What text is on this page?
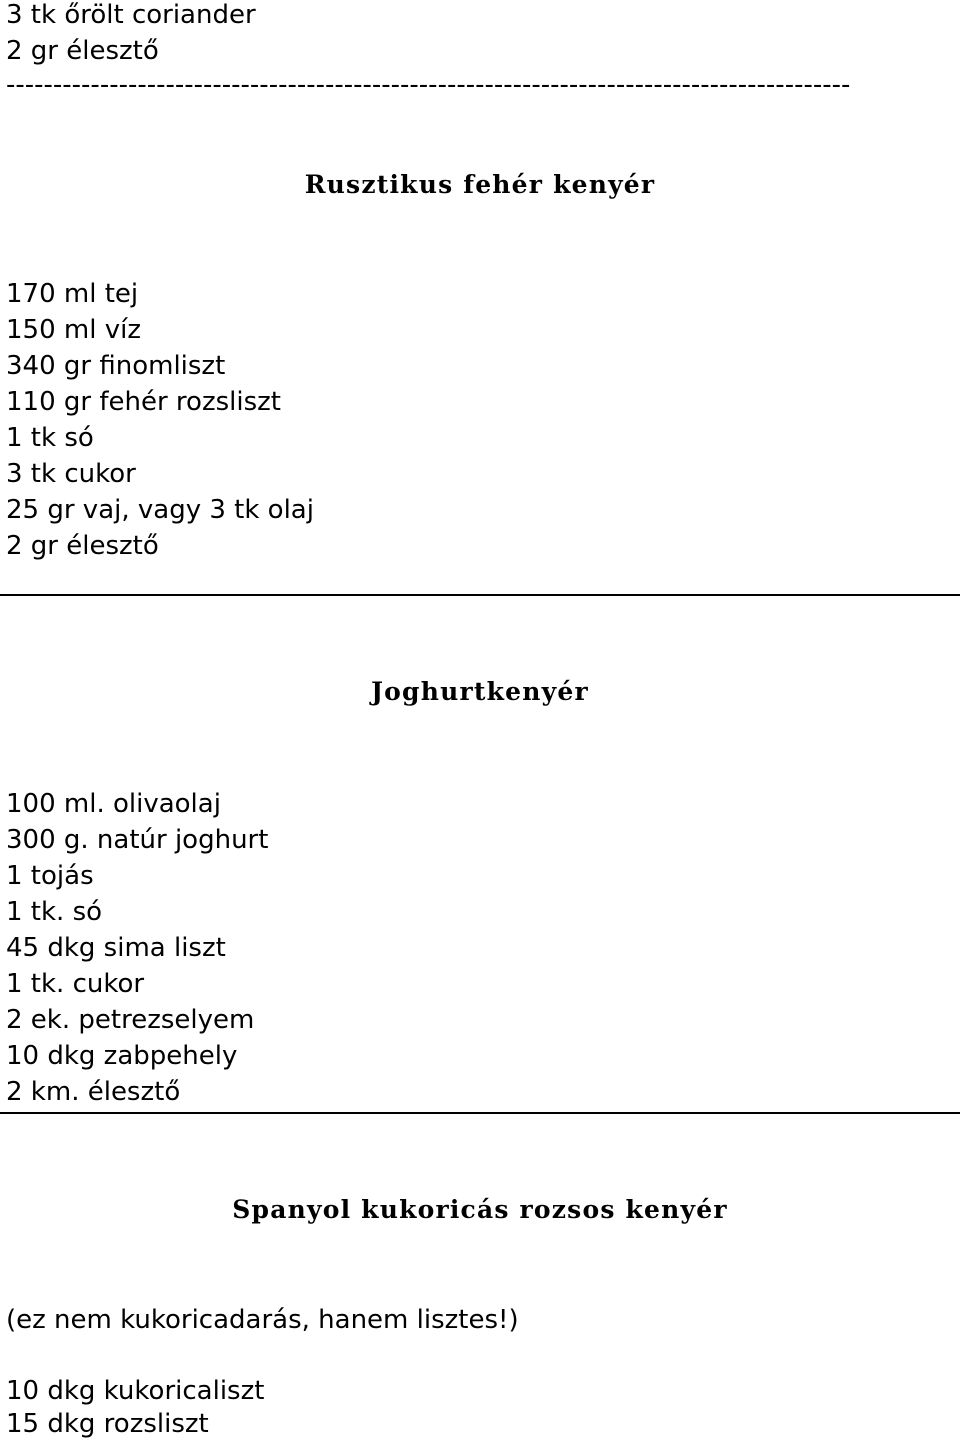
3 tk őrölt coriander
2 gr élesztő
------------------------------------------------------------------------------------------
Rusztikus fehér kenyér
170 ml tej
150 ml víz
340 gr finomliszt
110 gr fehér rozsliszt
1 tk só
3 tk cukor
25 gr vaj, vagy 3 tk olaj
2 gr élesztő
Joghurtkenyér
100 ml. olivaolaj
300 g. natúr joghurt
1 tojás
1 tk. só
45 dkg sima liszt
1 tk. cukor
2 ek. petrezselyem
10 dkg zabpehely
2 km. élesztő
Spanyol kukoricás rozsos kenyér
(ez nem kukoricadarás, hanem lisztes!)
10 dkg kukoricaliszt
15 dkg rozsliszt
